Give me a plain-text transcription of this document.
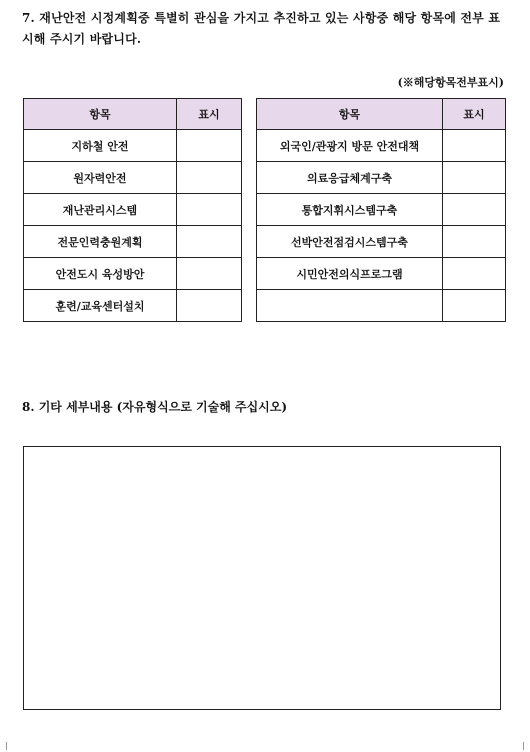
7. 재난안전 시정계획중 특별히 관심을 가지고 추진하고 있는 사항중 해당 항목에 전부 표시해 주시기 바랍니다.

(※해당항목전부표시)

항목	표시
지하철 안전	
원자력안전	
재난관리시스템	
전문인력충원계획	
안전도시 육성방안	
훈련/교육센터설치	
항목	표시
외국인/관광지 방문 안전대책	
의료응급체계구축	
통합지휘시스템구축	
선박안전점검시스템구축	
시민안전의식프로그램	

8. 기타 세부내용 (자유형식으로 기술해 주십시오)
